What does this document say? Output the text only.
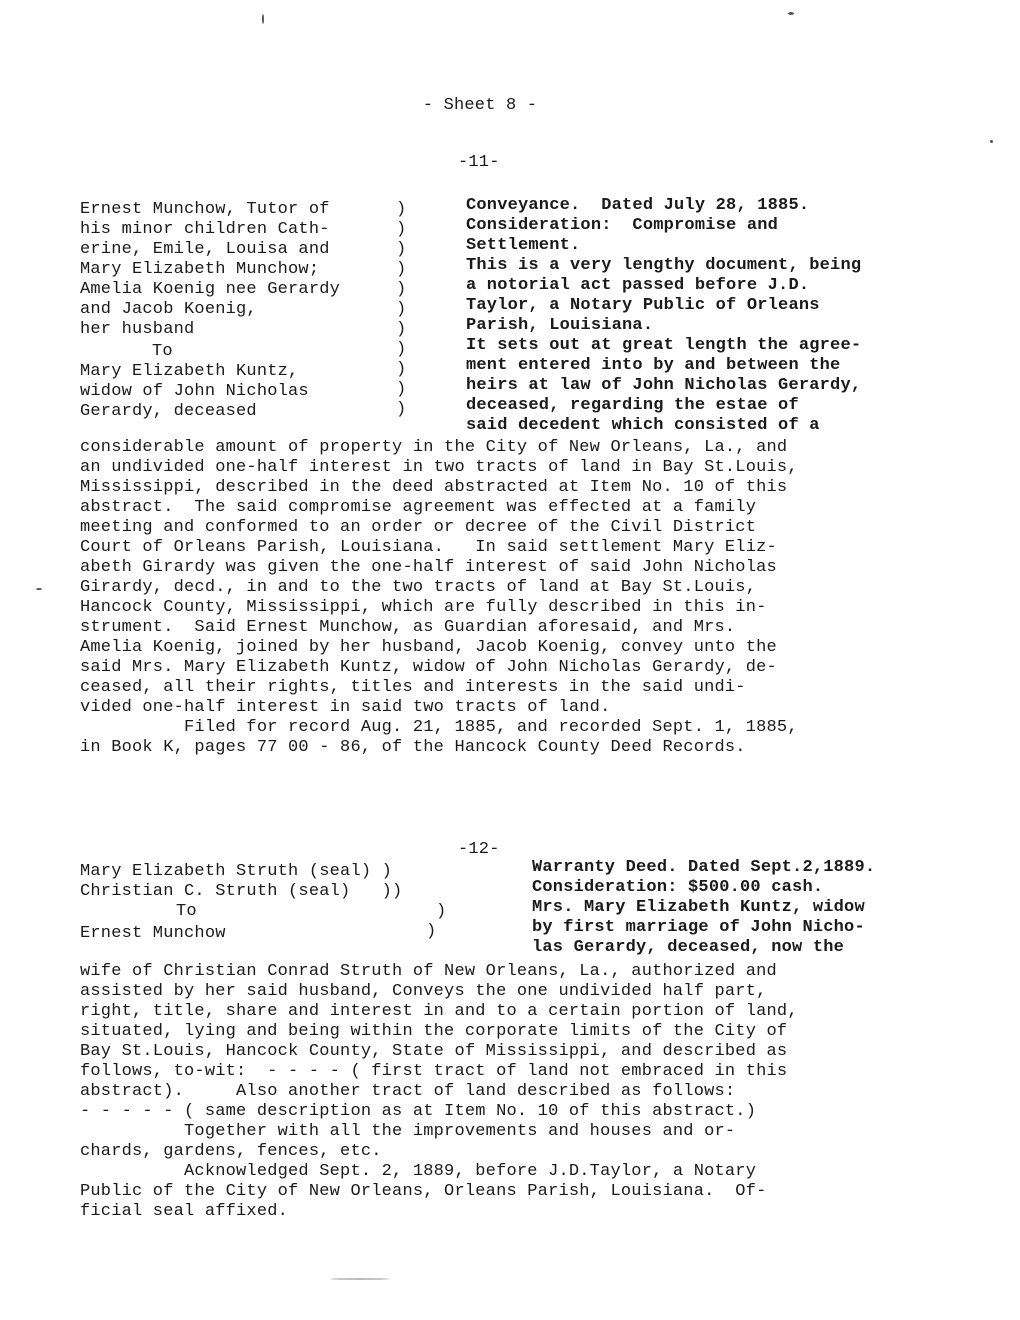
- Sheet 8 -
-11-
Ernest Munchow, Tutor of
his minor children Cath-
erine, Emile, Louisa and
Mary Elizabeth Munchow;
Amelia Koenig nee Gerardy
and Jacob Koenig,
her husband
To
Mary Elizabeth Kuntz,
widow of John Nicholas
Gerardy, deceased
)
)
)
)
)
)
)
)
)
)
)
Conveyance.  Dated July 28, 1885.
Consideration:  Compromise and
Settlement.
This is a very lengthy document, being
a notorial act passed before J.D.
Taylor, a Notary Public of Orleans
Parish, Louisiana.
It sets out at great length the agree-
ment entered into by and between the
heirs at law of John Nicholas Gerardy,
deceased, regarding the estae of
said decedent which consisted of a
considerable amount of property in the City of New Orleans, La., and
an undivided one-half interest in two tracts of land in Bay St.Louis,
Mississippi, described in the deed abstracted at Item No. 10 of this
abstract.  The said compromise agreement was effected at a family
meeting and conformed to an order or decree of the Civil District
Court of Orleans Parish, Louisiana.   In said settlement Mary Eliz-
abeth Girardy was given the one-half interest of said John Nicholas
Girardy, decd., in and to the two tracts of land at Bay St.Louis,
Hancock County, Mississippi, which are fully described in this in-
strument.  Said Ernest Munchow, as Guardian aforesaid, and Mrs.
Amelia Koenig, joined by her husband, Jacob Koenig, convey unto the
said Mrs. Mary Elizabeth Kuntz, widow of John Nicholas Gerardy, de-
ceased, all their rights, titles and interests in the said undi-
vided one-half interest in said two tracts of land.
Filed for record Aug. 21, 1885, and recorded Sept. 1, 1885,
in Book K, pages 77 00 - 86, of the Hancock County Deed Records.
-12-
Mary Elizabeth Struth (seal) )
Christian C. Struth (seal)   ))
To
Ernest Munchow
)
)
Warranty Deed. Dated Sept.2,1889.
Consideration: $500.00 cash.
Mrs. Mary Elizabeth Kuntz, widow
by first marriage of John Nicho-
las Gerardy, deceased, now the
wife of Christian Conrad Struth of New Orleans, La., authorized and
assisted by her said husband, Conveys the one undivided half part,
right, title, share and interest in and to a certain portion of land,
situated, lying and being within the corporate limits of the City of
Bay St.Louis, Hancock County, State of Mississippi, and described as
follows, to-wit:  - - - - ( first tract of land not embraced in this
abstract).     Also another tract of land described as follows:
- - - - - ( same description as at Item No. 10 of this abstract.)
Together with all the improvements and houses and or-
chards, gardens, fences, etc.
Acknowledged Sept. 2, 1889, before J.D.Taylor, a Notary
Public of the City of New Orleans, Orleans Parish, Louisiana.  Of-
ficial seal affixed.
